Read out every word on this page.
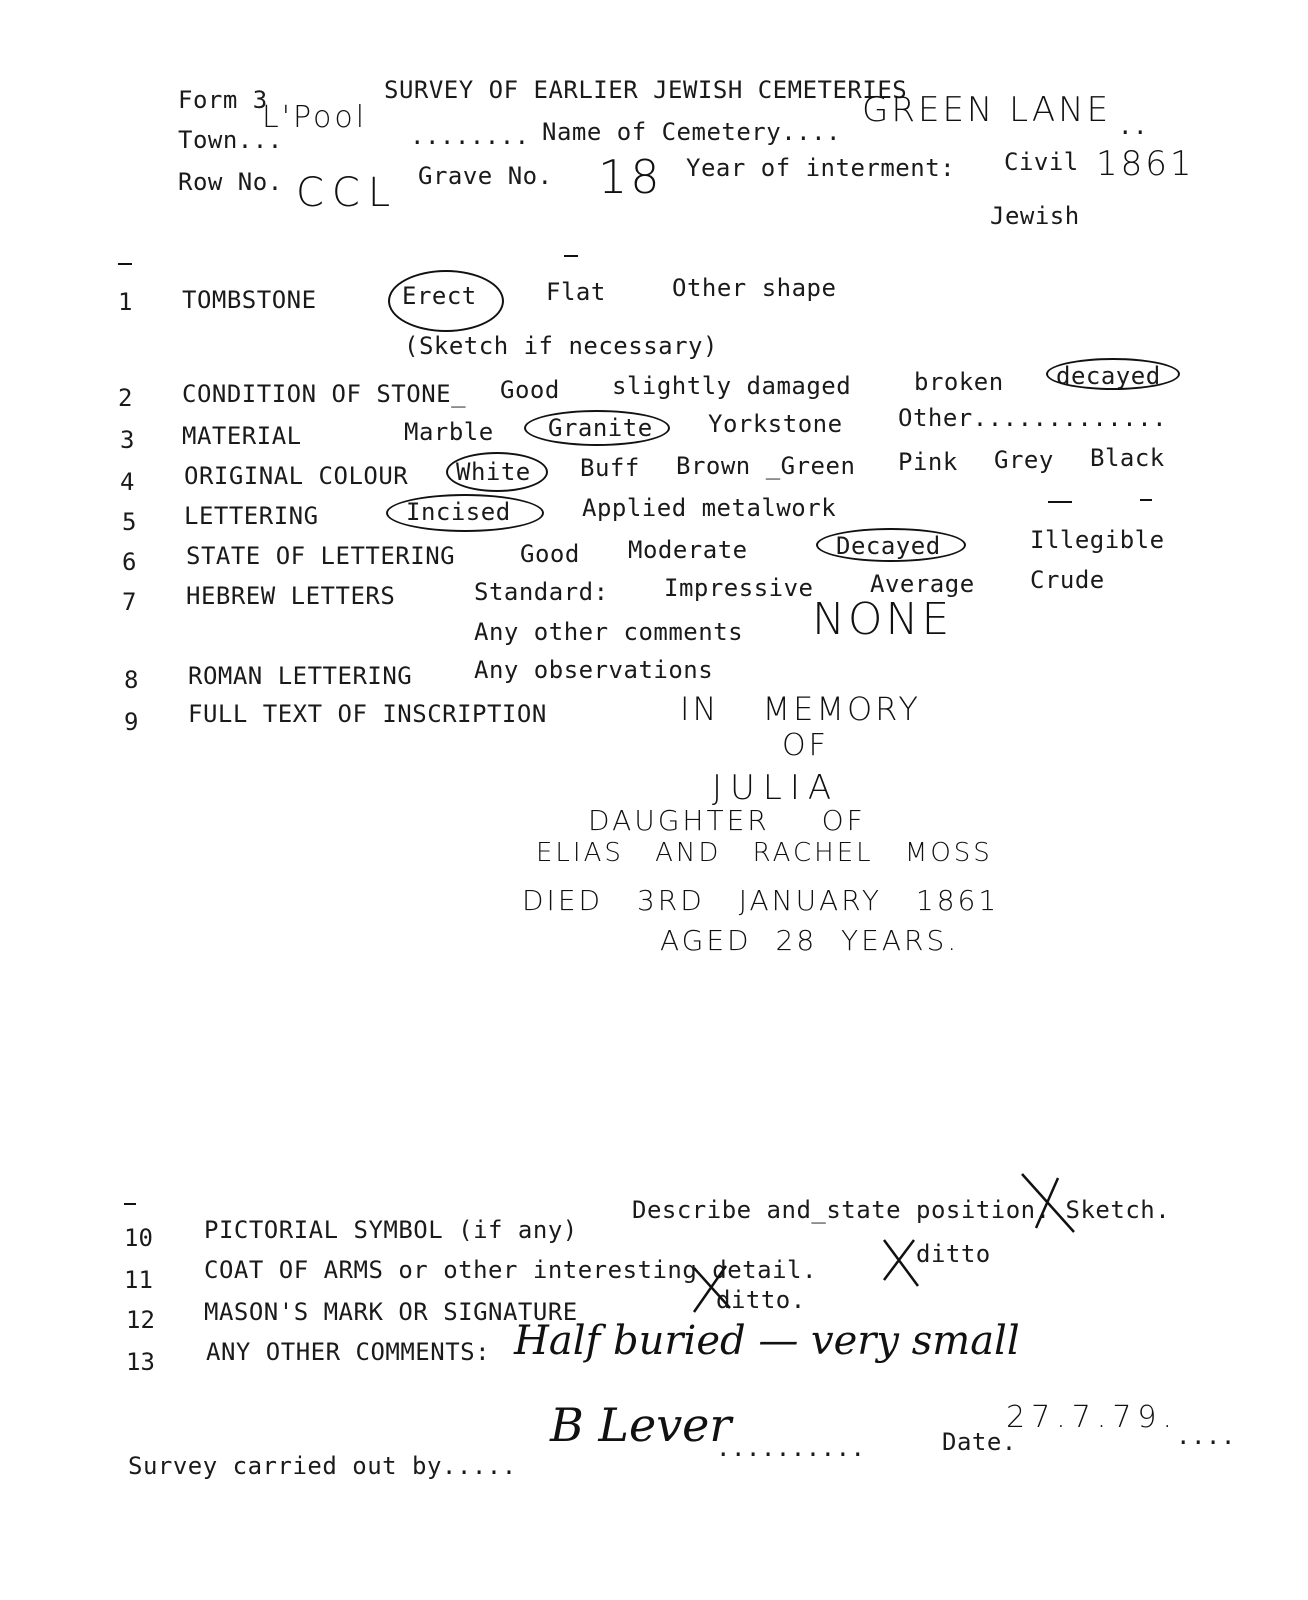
Form 3	SURVEY OF EARLIER JEWISH CEMETERIES
Town...
L'Pool
........ Name of Cemetery....
GREEN LANE ..
Row No. CCL Grave No. 18 Year of interment: Civil 1861
Jewish
1 TOMBSTONE	Erect	Flat	Other shape
(Sketch if necessary)
2 CONDITION OF STONE_ Good slightly damaged	broken decayed
3 MATERIAL	Marble Granite Yorkstone Other.............
4 ORIGINAL COLOUR White Buff Brown _Green Pink Grey Black
5 LETTERING	Incised	Applied metalwork
6 STATE OF LETTERING	Good Moderate	Decayed	Illegible
7 HEBREW LETTERS	Standard: Impressive Average Crude
Any other comments NONE
8 ROMAN LETTERING	Any observations
9 FULL TEXT OF INSCRIPTION	IN MEMORY
OF
JULIA
DAUGHTER OF
ELIAS AND RACHEL MOSS
DIED 3RD JANUARY 1861
AGED 28 YEARS.
10 PICTORIAL SYMBOL (if any)
Describe and_state position. Sketch.
11 COAT OF ARMS or other interesting detail.
ditto
12 MASON'S MARK OR SIGNATURE	ditto.
13 ANY OTHER COMMENTS: Half buried — very small
Survey carried out by.....
B Lever
..........	Date.
27.7.79.
....
